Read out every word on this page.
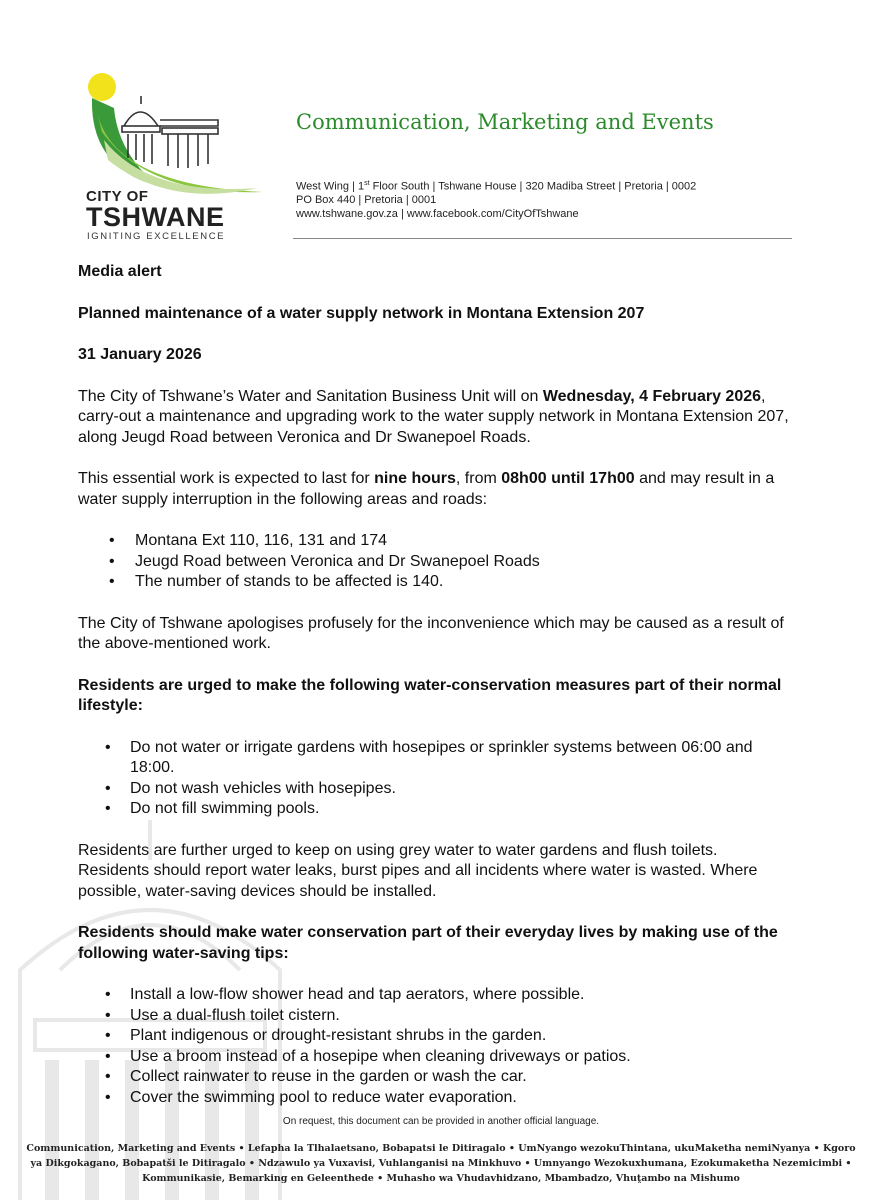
CITY OF
TSHWANE
IGNITING EXCELLENCE
Communication, Marketing and Events
West Wing | 1st Floor South | Tshwane House | 320 Madiba Street | Pretoria | 0002
PO Box 440 | Pretoria | 0001
www.tshwane.gov.za | www.facebook.com/CityOfTshwane

Media alert

Planned maintenance of a water supply network in Montana Extension 207

31 January 2026

The City of Tshwane’s Water and Sanitation Business Unit will on Wednesday, 4 February 2026, carry-out a maintenance and upgrading work to the water supply network in Montana Extension 207, along Jeugd Road between Veronica and Dr Swanepoel Roads.

This essential work is expected to last for nine hours, from 08h00 until 17h00 and may result in a water supply interruption in the following areas and roads:

• Montana Ext 110, 116, 131 and 174
• Jeugd Road between Veronica and Dr Swanepoel Roads
• The number of stands to be affected is 140.

The City of Tshwane apologises profusely for the inconvenience which may be caused as a result of the above-mentioned work.

Residents are urged to make the following water-conservation measures part of their normal lifestyle:

• Do not water or irrigate gardens with hosepipes or sprinkler systems between 06:00 and 18:00.
• Do not wash vehicles with hosepipes.
• Do not fill swimming pools.

Residents are further urged to keep on using grey water to water gardens and flush toilets. Residents should report water leaks, burst pipes and all incidents where water is wasted. Where possible, water-saving devices should be installed.

Residents should make water conservation part of their everyday lives by making use of the following water-saving tips:

• Install a low-flow shower head and tap aerators, where possible.
• Use a dual-flush toilet cistern.
• Plant indigenous or drought-resistant shrubs in the garden.
• Use a broom instead of a hosepipe when cleaning driveways or patios.
• Collect rainwater to reuse in the garden or wash the car.
• Cover the swimming pool to reduce water evaporation.
On request, this document can be provided in another official language.
Communication, Marketing and Events • Lefapha la Tlhalaetsano, Bobapatsi le Ditiragalo • UmNyango wezokuThintana, ukuMaketha nemiNyanya • Kgoro ya Dikgokagano, Bobapatši le Ditiragalo • Ndzawulo ya Vuxavisi, Vuhlanganisi na Minkhuvo • Umnyango Wezokuxhumana, Ezokumaketha Nezemicimbi • Kommunikasie, Bemarking en Geleenthede • Muhasho wa Vhudavhidzano, Mbambadzo, Vhuṱambo na Mishumo
